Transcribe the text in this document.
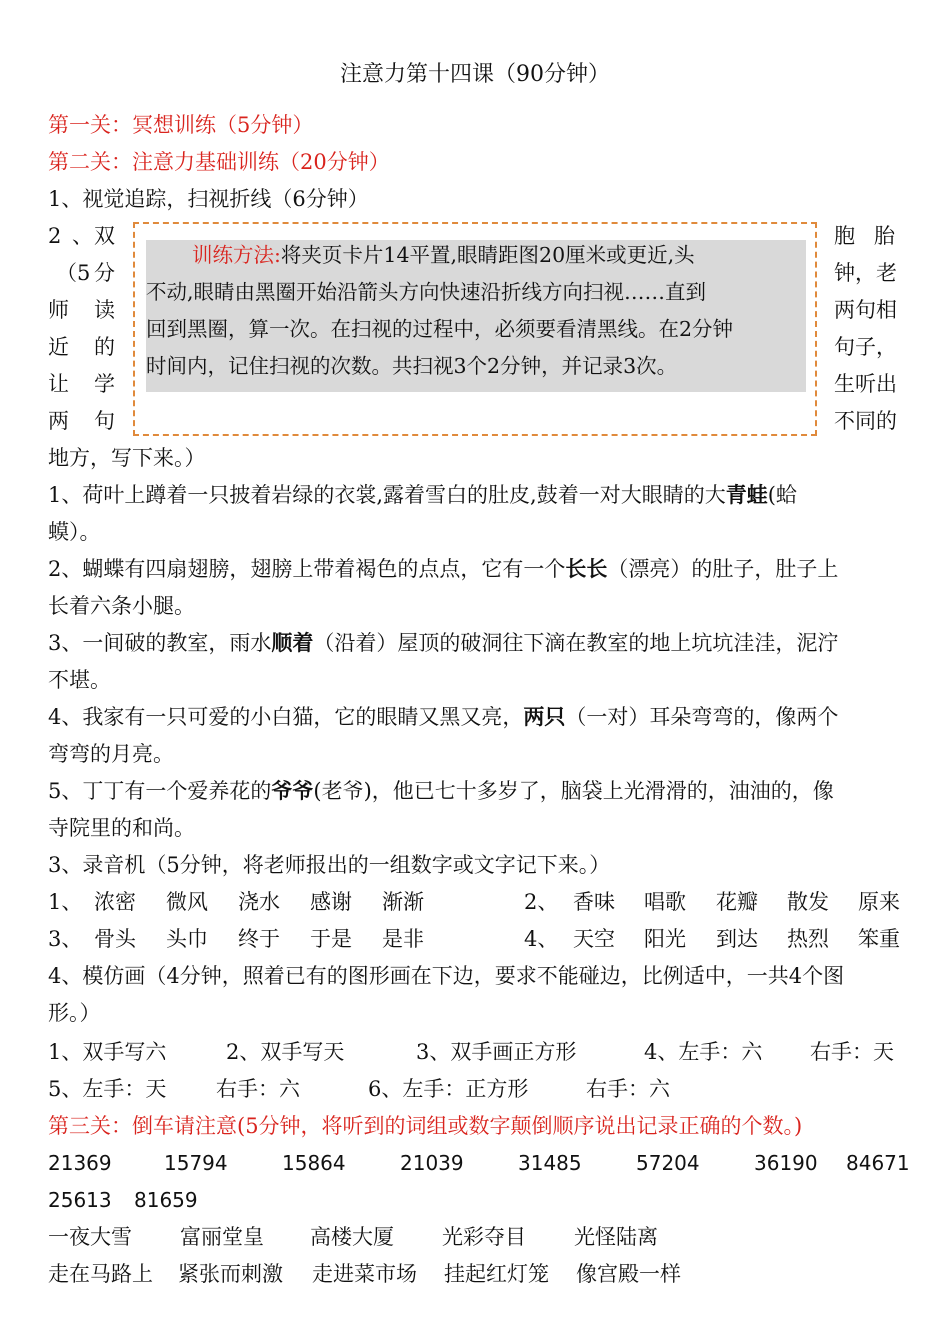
注意力第十四课（90分钟）
第一关：冥想训练（5分钟）
第二关：注意力基础训练（20分钟）
1、视觉追踪，扫视折线（6分钟）
2 、 双
（5 分
师 读
近 的
让 学
两 句
胞 胎
钟，老
两句相
句子，
生听出
不同的
训练方法:将夹页卡片14平置,眼睛距图20厘米或更近,头
不动,眼睛由黑圈开始沿箭头方向快速沿折线方向扫视……直到
回到黑圈，算一次。在扫视的过程中，必须要看清黑线。在2分钟
时间内，记住扫视的次数。共扫视3个2分钟，并记录3次。
地方，写下来。）
1、荷叶上蹲着一只披着岩绿的衣裳,露着雪白的肚皮,鼓着一对大眼睛的大青蛙(蛤
蟆）。
2、蝴蝶有四扇翅膀，翅膀上带着褐色的点点，它有一个长长（漂亮）的肚子，肚子上
长着六条小腿。
3、一间破的教室，雨水顺着（沿着）屋顶的破洞往下滴在教室的地上坑坑洼洼，泥泞
不堪。
4、我家有一只可爱的小白猫，它的眼睛又黑又亮，两只（一对）耳朵弯弯的，像两个
弯弯的月亮。
5、丁丁有一个爱养花的爷爷(老爷)，他已七十多岁了，脑袋上光滑滑的，油油的，像
寺院里的和尚。
3、录音机（5分钟，将老师报出的一组数字或文字记下来。）
1、 浓密 微风 浇水 感谢 渐渐	2、 香味 唱歌 花瓣 散发 原来
3、 骨头 头巾 终于 于是 是非	4、 天空 阳光 到达 热烈 笨重
4、模仿画（4分钟，照着已有的图形画在下边，要求不能碰边，比例适中，一共4个图
形。）
1、双手写六	2、双手写天	3、双手画正方形	4、左手：六 右手：天
5、左手：天 右手：六	6、左手：正方形	右手：六
第三关：倒车请注意(5分钟，将听到的词组或数字颠倒顺序说出记录正确的个数。)
21369	15794	15864	21039	31485	57204	36190 84671
25613 81659
一夜大雪 富丽堂皇 高楼大厦 光彩夺目 光怪陆离
走在马路上 紧张而刺激 走进菜市场 挂起红灯笼 像宫殿一样
